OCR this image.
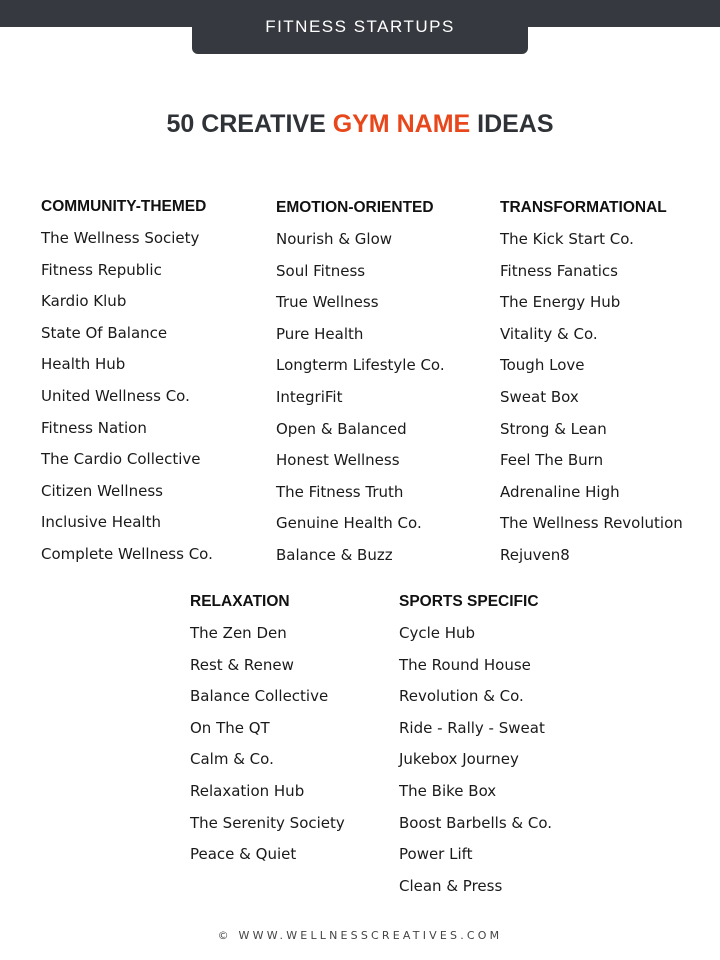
FITNESS STARTUPS
50 CREATIVE GYM NAME IDEAS
COMMUNITY-THEMED
The Wellness Society
Fitness Republic
Kardio Klub
State Of Balance
Health Hub
United Wellness Co.
Fitness Nation
The Cardio Collective
Citizen Wellness
Inclusive Health
Complete Wellness Co.
EMOTION-ORIENTED
Nourish & Glow
Soul Fitness
True Wellness
Pure Health
Longterm Lifestyle Co.
IntegriFit
Open & Balanced
Honest Wellness
The Fitness Truth
Genuine Health Co.
Balance & Buzz
TRANSFORMATIONAL
The Kick Start Co.
Fitness Fanatics
The Energy Hub
Vitality & Co.
Tough Love
Sweat Box
Strong & Lean
Feel The Burn
Adrenaline High
The Wellness Revolution
Rejuven8
RELAXATION
The Zen Den
Rest & Renew
Balance Collective
On The QT
Calm & Co.
Relaxation Hub
The Serenity Society
Peace & Quiet
SPORTS SPECIFIC
Cycle Hub
The Round House
Revolution & Co.
Ride - Rally - Sweat
Jukebox Journey
The Bike Box
Boost Barbells & Co.
Power Lift
Clean & Press
© WWW.WELLNESSCREATIVES.COM
